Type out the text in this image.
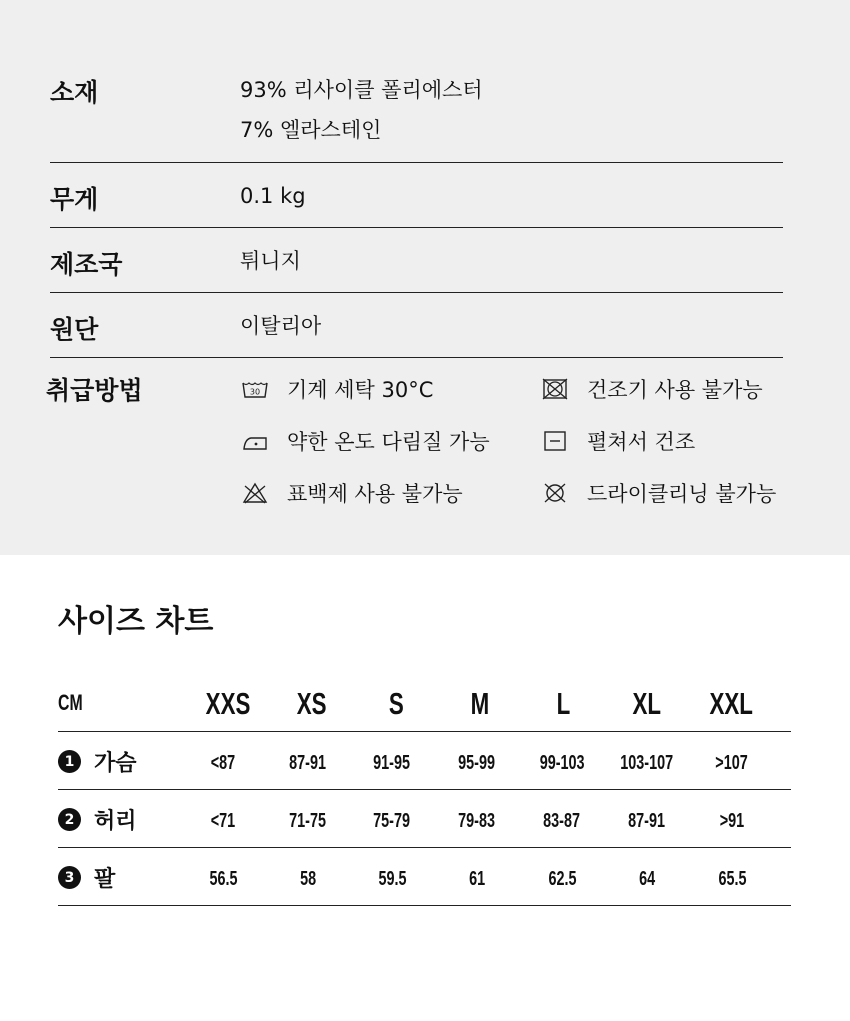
소재	93% 리사이클 폴리에스터
7% 엘라스테인
무게	0.1 kg
제조국	튀니지
원단	이탈리아
취급방법	30 기계 세탁 30°C	건조기 사용 불가능
약한 온도 다림질 가능	펼쳐서 건조
표백제 사용 불가능	드라이클리닝 불가능
사이즈 차트
CM	XXS	XS	S	M	L	XL	XXL
1 가슴	<87	87-91	91-95	95-99	99-103	103-107	>107
2 허리	<71	71-75	75-79	79-83	83-87	87-91	>91
3 팔	56.5	58	59.5	61	62.5	64	65.5
